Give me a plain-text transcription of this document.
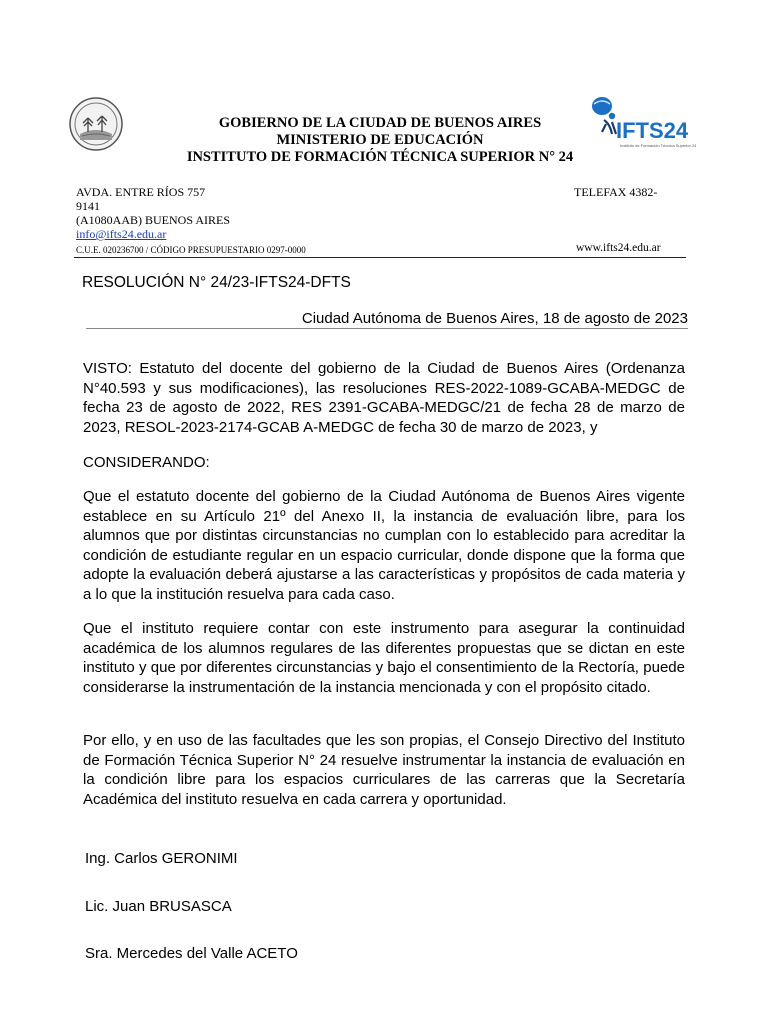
IFTS24
Instituto de Formación Técnica Superior 24
GOBIERNO DE LA CIUDAD DE BUENOS AIRES
MINISTERIO DE EDUCACIÓN
INSTITUTO DE FORMACIÓN TÉCNICA SUPERIOR N° 24
AVDA. ENTRE RÍOS 757	TELEFAX 4382-
9141
(A1080AAB) BUENOS AIRES
info@ifts24.edu.ar
C.U.E. 020236700 / CÓDIGO PRESUPUESTARIO 0297-0000	www.ifts24.edu.ar
RESOLUCIÓN N° 24/23-IFTS24-DFTS
Ciudad Autónoma de Buenos Aires, 18 de agosto de 2023
VISTO: Estatuto del docente del gobierno de la Ciudad de Buenos Aires (Ordenanza N°40.593 y sus modificaciones), las resoluciones RES-2022-1089-GCABA-MEDGC de fecha 23 de agosto de 2022, RES 2391-GCABA-MEDGC/21 de fecha 28 de marzo de 2023, RESOL-2023-2174-GCAB A-MEDGC de fecha 30 de marzo de 2023, y
CONSIDERANDO:
Que el estatuto docente del gobierno de la Ciudad Autónoma de Buenos Aires vigente establece en su Artículo 21º del Anexo II, la instancia de evaluación libre, para los alumnos que por distintas circunstancias no cumplan con lo establecido para acreditar la condición de estudiante regular en un espacio curricular, donde dispone que la forma que adopte la evaluación deberá ajustarse a las características y propósitos de cada materia y a lo que la institución resuelva para cada caso.
Que el instituto requiere contar con este instrumento para asegurar la continuidad académica de los alumnos regulares de las diferentes propuestas que se dictan en este instituto y que por diferentes circunstancias y bajo el consentimiento de la Rectoría, puede considerarse la instrumentación de la instancia mencionada y con el propósito citado.
Por ello, y en uso de las facultades que les son propias, el Consejo Directivo del Instituto de Formación Técnica Superior N° 24 resuelve instrumentar la instancia de evaluación en la condición libre para los espacios curriculares de las carreras que la Secretaría Académica del instituto resuelva en cada carrera y oportunidad.
Ing. Carlos GERONIMI
Lic. Juan BRUSASCA
Sra. Mercedes del Valle ACETO
